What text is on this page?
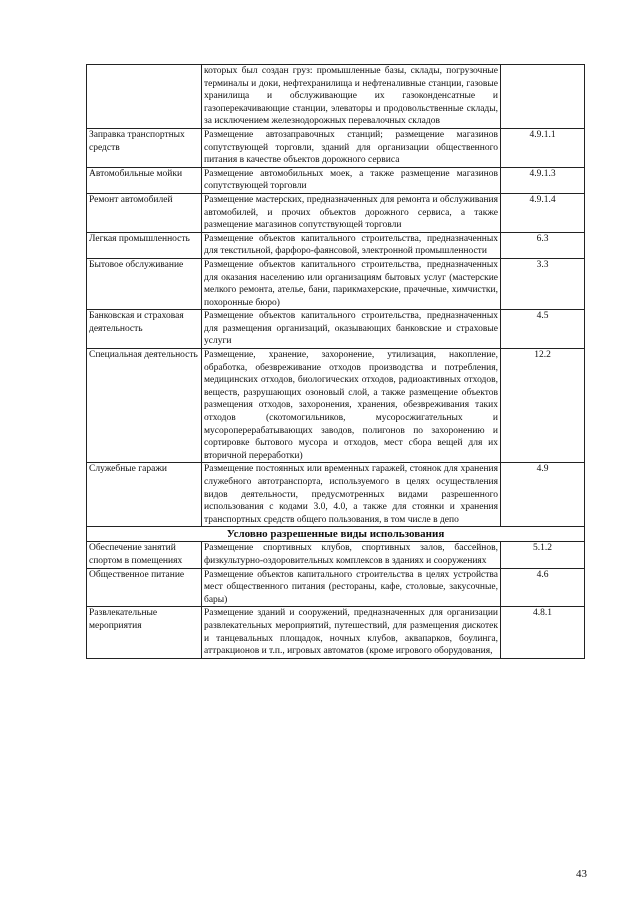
	которых был создан груз: промышленные базы, склады, погрузочные терминалы и доки, нефтехранилища и нефтеналивные станции, газовые хранилища и обслуживающие их газоконденсатные и газоперекачивающие станции, элеваторы и продовольственные склады, за исключением железнодорожных перевалочных складов	
Заправка транспортных средств	Размещение автозаправочных станций; размещение магазинов сопутствующей торговли, зданий для организации общественного питания в качестве объектов дорожного сервиса	4.9.1.1
Автомобильные мойки	Размещение автомобильных моек, а также размещение магазинов сопутствующей торговли	4.9.1.3
Ремонт автомобилей	Размещение мастерских, предназначенных для ремонта и обслуживания автомобилей, и прочих объектов дорожного сервиса, а также размещение магазинов сопутствующей торговли	4.9.1.4
Легкая промышленность	Размещение объектов капитального строительства, предназначенных для текстильной, фарфоро-фаянсовой, электронной промышленности	6.3
Бытовое обслуживание	Размещение объектов капитального строительства, предназначенных для оказания населению или организациям бытовых услуг (мастерские мелкого ремонта, ателье, бани, парикмахерские, прачечные, химчистки, похоронные бюро)	3.3
Банковская и страховая деятельность	Размещение объектов капитального строительства, предназначенных для размещения организаций, оказывающих банковские и страховые услуги	4.5
Специальная деятельность	Размещение, хранение, захоронение, утилизация, накопление, обработка, обезвреживание отходов производства и потребления, медицинских отходов, биологических отходов, радиоактивных отходов, веществ, разрушающих озоновый слой, а также размещение объектов размещения отходов, захоронения, хранения, обезвреживания таких отходов (скотомогильников, мусоросжигательных и мусороперерабатывающих заводов, полигонов по захоронению и сортировке бытового мусора и отходов, мест сбора вещей для их вторичной переработки)	12.2
Служебные гаражи	Размещение постоянных или временных гаражей, стоянок для хранения служебного автотранспорта, используемого в целях осуществления видов деятельности, предусмотренных видами разрешенного использования с кодами 3.0, 4.0, а также для стоянки и хранения транспортных средств общего пользования, в том числе в депо	4.9
Условно разрешенные виды использования		
Обеспечение занятий спортом в помещениях	Размещение спортивных клубов, спортивных залов, бассейнов, физкультурно-оздоровительных комплексов в зданиях и сооружениях	5.1.2
Общественное питание	Размещение объектов капитального строительства в целях устройства мест общественного питания (рестораны, кафе, столовые, закусочные, бары)	4.6
Развлекательные мероприятия	Размещение зданий и сооружений, предназначенных для организации развлекательных мероприятий, путешествий, для размещения дискотек и танцевальных площадок, ночных клубов, аквапарков, боулинга, аттракционов и т.п., игровых автоматов (кроме игрового оборудования,	4.8.1
43
